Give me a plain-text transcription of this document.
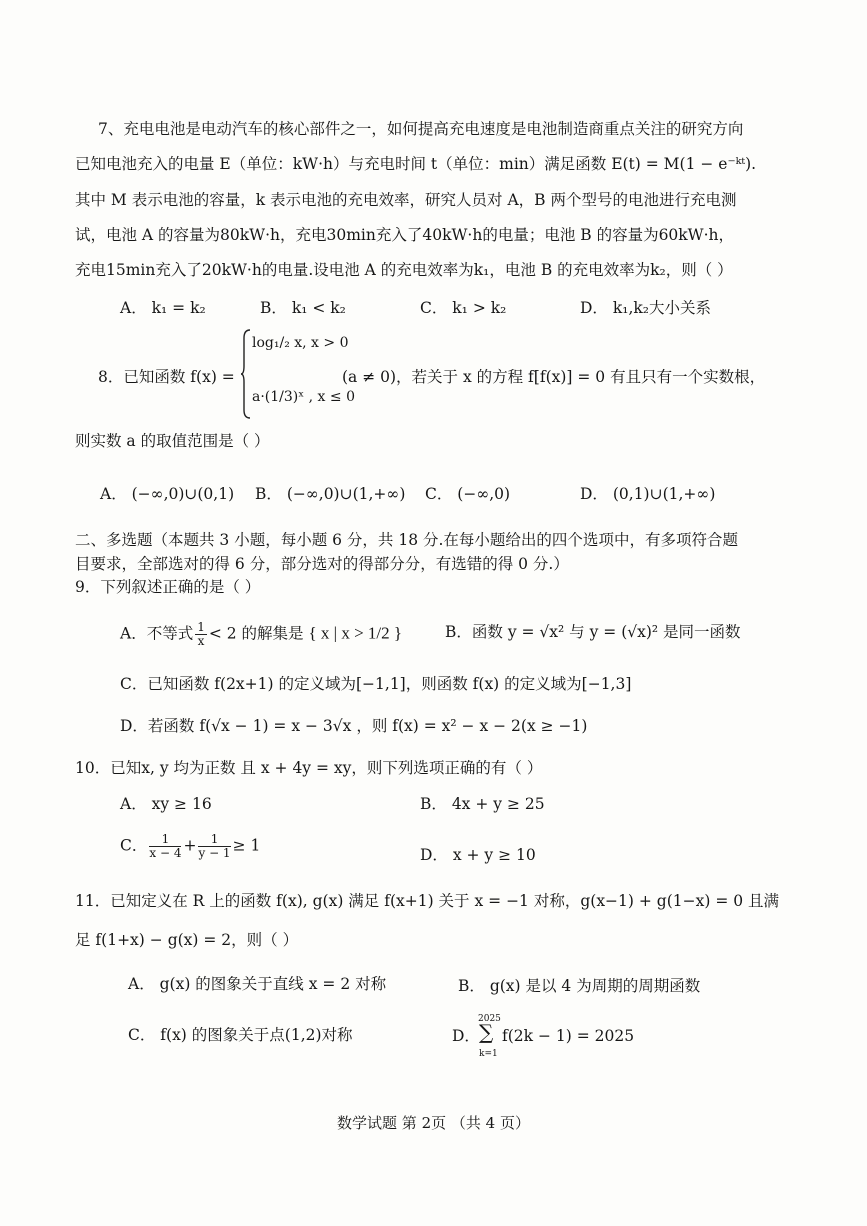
7、充电电池是电动汽车的核心部件之一，如何提高充电速度是电池制造商重点关注的研究方向
已知电池充入的电量 E（单位：kW·h）与充电时间 t（单位：min）满足函数 E(t) = M(1 − e⁻ᵏᵗ).
其中 M 表示电池的容量，k 表示电池的充电效率，研究人员对 A，B 两个型号的电池进行充电测
试，电池 A 的容量为80kW·h，充电30min充入了40kW·h的电量；电池 B 的容量为60kW·h，
充电15min充入了20kW·h的电量.设电池 A 的充电效率为k₁，电池 B 的充电效率为k₂，则（ ）
A． k₁ = k₂	B． k₁ < k₂	C． k₁ > k₂	D． k₁,k₂大小关系
8．已知函数 f(x) =
log₁/₂ x, x > 0
a·(1/3)ˣ , x ≤ 0
(a ≠ 0)，若关于 x 的方程 f[f(x)] = 0 有且只有一个实数根，
则实数 a 的取值范围是（ ）
A． (−∞,0)∪(0,1) B． (−∞,0)∪(1,+∞) C． (−∞,0)	D． (0,1)∪(1,+∞)
二、多选题（本题共 3 小题，每小题 6 分，共 18 分.在每小题给出的四个选项中，有多项符合题
目要求，全部选对的得 6 分，部分选对的得部分分，有选错的得 0 分.）
9．下列叙述正确的是（ ）
A．不等式 $\frac{1}{x} < 2$ 的解集是 { x | x > 1/2 }	B．函数 y = √x² 与 y = (√x)² 是同一函数
C．已知函数 f(2x+1) 的定义域为[−1,1]，则函数 f(x) 的定义域为[−1,3]
D．若函数 f(√x − 1) = x − 3√x ，则 f(x) = x² − x − 2(x ≥ −1)
10．已知x, y 均为正数 且 x + 4y = xy，则下列选项正确的有（ ）
A． xy ≥ 16	B． 4x + y ≥ 25
C． $\frac{1}{x - 4} + \frac{1}{y - 1} \ge 1$
D． x + y ≥ 10
11．已知定义在 R 上的函数 f(x), g(x) 满足 f(x+1) 关于 x = −1 对称，g(x−1) + g(1−x) = 0 且满
足 f(1+x) − g(x) = 2，则（ ）
A． g(x) 的图象关于直线 x = 2 对称	B． g(x) 是以 4 为周期的周期函数
C． f(x) 的图象关于点(1,2)对称	D．
2025
∑
k=1
f(2k − 1) = 2025
数学试题 第 2页 （共 4 页）
